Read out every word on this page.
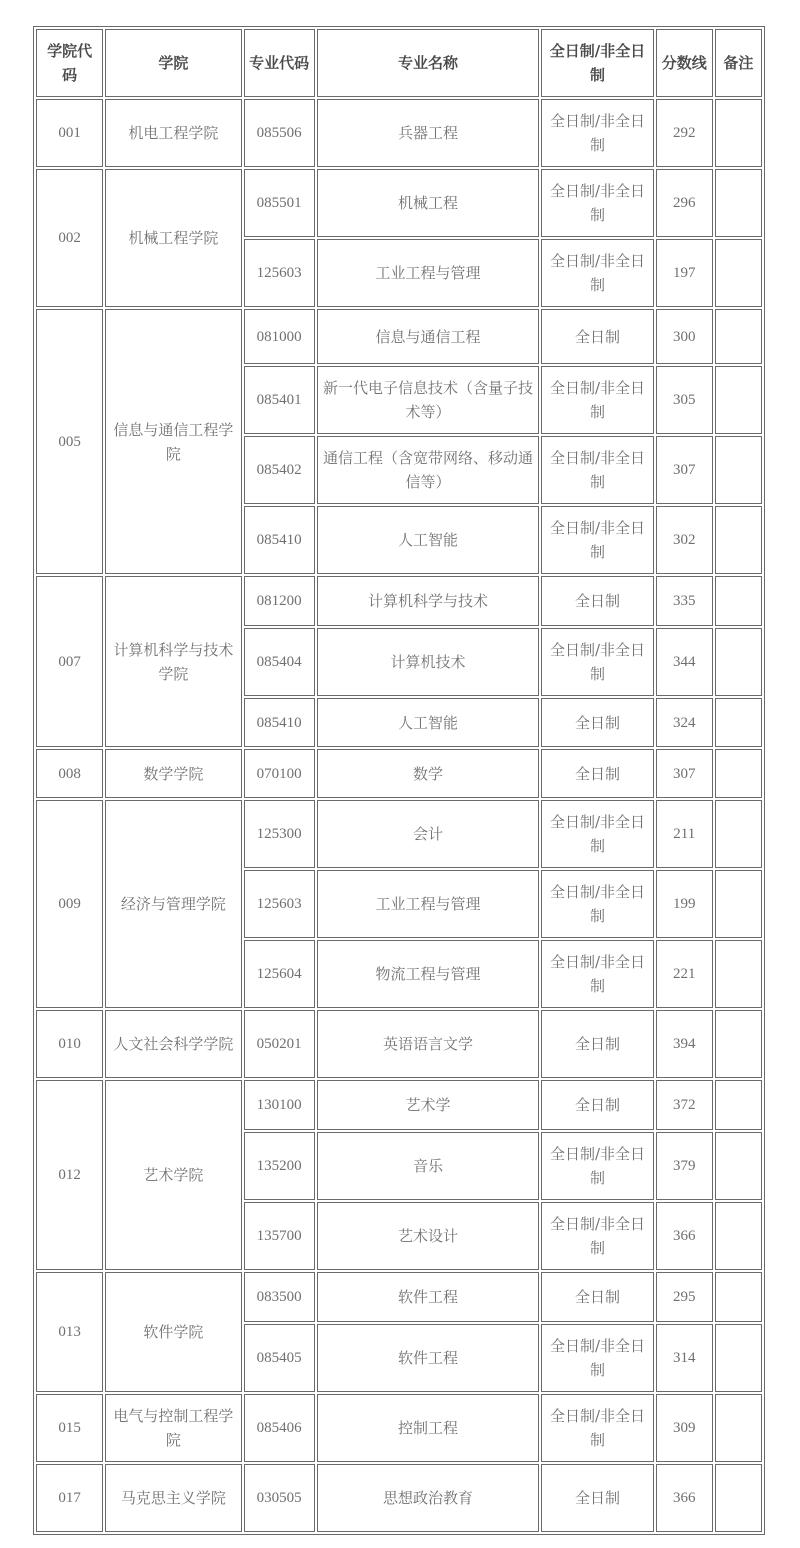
学院代码	学院	专业代码	专业名称	全日制/非全日制	分数线	备注
001	机电工程学院	085506	兵器工程	全日制/非全日制	292	
002	机械工程学院	085501	机械工程	全日制/非全日制	296	
		125603	工业工程与管理	全日制/非全日制	197	
005	信息与通信工程学院	081000	信息与通信工程	全日制	300	
		085401	新一代电子信息技术（含量子技术等）	全日制/非全日制	305	
		085402	通信工程（含宽带网络、移动通信等）	全日制/非全日制	307	
		085410	人工智能	全日制/非全日制	302	
007	计算机科学与技术学院	081200	计算机科学与技术	全日制	335	
		085404	计算机技术	全日制/非全日制	344	
		085410	人工智能	全日制	324	
008	数学学院	070100	数学	全日制	307	
009	经济与管理学院	125300	会计	全日制/非全日制	211	
		125603	工业工程与管理	全日制/非全日制	199	
		125604	物流工程与管理	全日制/非全日制	221	
010	人文社会科学学院	050201	英语语言文学	全日制	394	
012	艺术学院	130100	艺术学	全日制	372	
		135200	音乐	全日制/非全日制	379	
		135700	艺术设计	全日制/非全日制	366	
013	软件学院	083500	软件工程	全日制	295	
		085405	软件工程	全日制/非全日制	314	
015	电气与控制工程学院	085406	控制工程	全日制/非全日制	309	
017	马克思主义学院	030505	思想政治教育	全日制	366	
